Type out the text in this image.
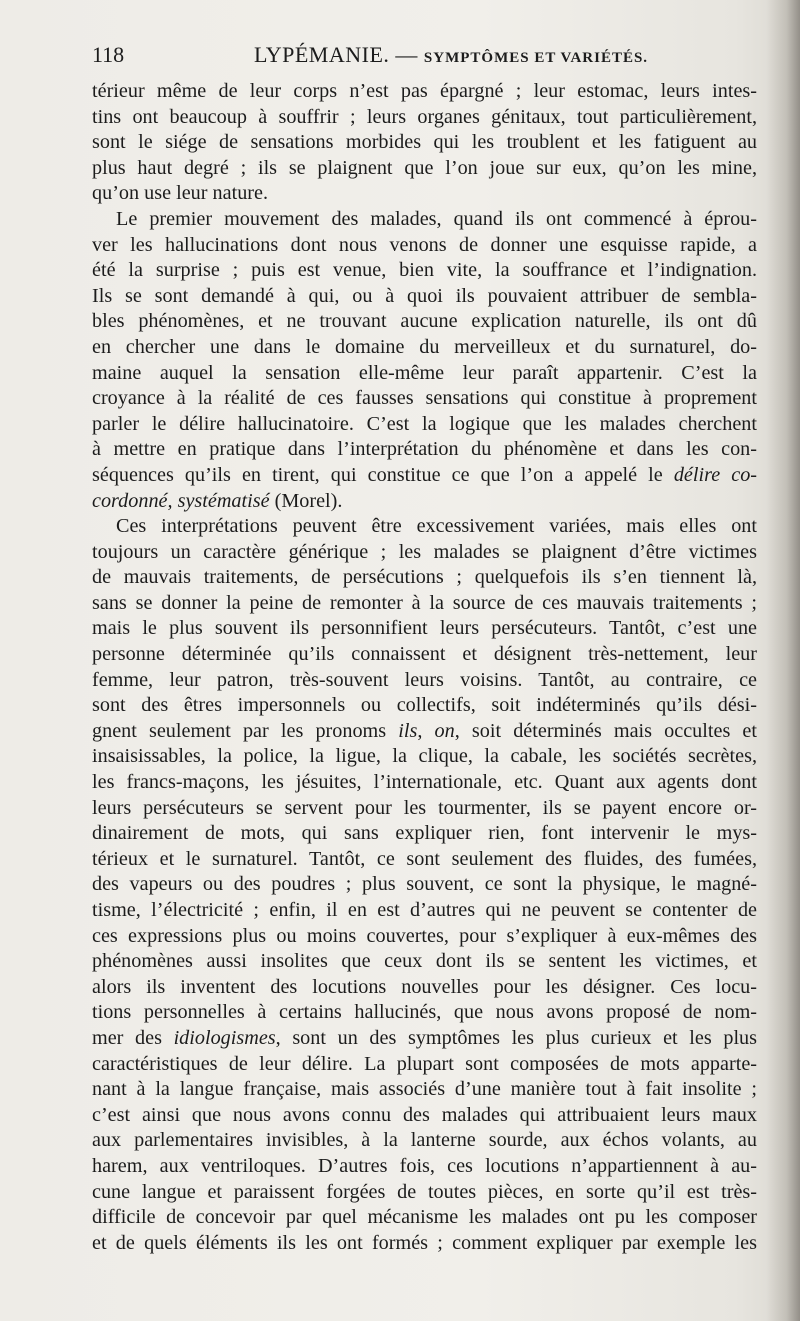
118	LYPÉMANIE. — SYMPTÔMES ET VARIÉTÉS.
térieur même de leur corps n’est pas épargné ; leur estomac, leurs intes-
tins ont beaucoup à souffrir ; leurs organes génitaux, tout particulièrement,
sont le siége de sensations morbides qui les troublent et les fatiguent au
plus haut degré ; ils se plaignent que l’on joue sur eux, qu’on les mine,
qu’on use leur nature.
Le premier mouvement des malades, quand ils ont commencé à éprou-
ver les hallucinations dont nous venons de donner une esquisse rapide, a
été la surprise ; puis est venue, bien vite, la souffrance et l’indignation.
Ils se sont demandé à qui, ou à quoi ils pouvaient attribuer de sembla-
bles phénomènes, et ne trouvant aucune explication naturelle, ils ont dû
en chercher une dans le domaine du merveilleux et du surnaturel, do-
maine auquel la sensation elle-même leur paraît appartenir. C’est la
croyance à la réalité de ces fausses sensations qui constitue à proprement
parler le délire hallucinatoire. C’est la logique que les malades cherchent
à mettre en pratique dans l’interprétation du phénomène et dans les con-
séquences qu’ils en tirent, qui constitue ce que l’on a appelé le délire co-
cordonné, systématisé (Morel).
Ces interprétations peuvent être excessivement variées, mais elles ont
toujours un caractère générique ; les malades se plaignent d’être victimes
de mauvais traitements, de persécutions ; quelquefois ils s’en tiennent là,
sans se donner la peine de remonter à la source de ces mauvais traitements ;
mais le plus souvent ils personnifient leurs persécuteurs. Tantôt, c’est une
personne déterminée qu’ils connaissent et désignent très-nettement, leur
femme, leur patron, très-souvent leurs voisins. Tantôt, au contraire, ce
sont des êtres impersonnels ou collectifs, soit indéterminés qu’ils dési-
gnent seulement par les pronoms ils, on, soit déterminés mais occultes et
insaisissables, la police, la ligue, la clique, la cabale, les sociétés secrètes,
les francs-maçons, les jésuites, l’internationale, etc. Quant aux agents dont
leurs persécuteurs se servent pour les tourmenter, ils se payent encore or-
dinairement de mots, qui sans expliquer rien, font intervenir le mys-
térieux et le surnaturel. Tantôt, ce sont seulement des fluides, des fumées,
des vapeurs ou des poudres ; plus souvent, ce sont la physique, le magné-
tisme, l’électricité ; enfin, il en est d’autres qui ne peuvent se contenter de
ces expressions plus ou moins couvertes, pour s’expliquer à eux-mêmes des
phénomènes aussi insolites que ceux dont ils se sentent les victimes, et
alors ils inventent des locutions nouvelles pour les désigner. Ces locu-
tions personnelles à certains hallucinés, que nous avons proposé de nom-
mer des idiologismes, sont un des symptômes les plus curieux et les plus
caractéristiques de leur délire. La plupart sont composées de mots apparte-
nant à la langue française, mais associés d’une manière tout à fait insolite ;
c’est ainsi que nous avons connu des malades qui attribuaient leurs maux
aux parlementaires invisibles, à la lanterne sourde, aux échos volants, au
harem, aux ventriloques. D’autres fois, ces locutions n’appartiennent à au-
cune langue et paraissent forgées de toutes pièces, en sorte qu’il est très-
difficile de concevoir par quel mécanisme les malades ont pu les composer
et de quels éléments ils les ont formés ; comment expliquer par exemple les
